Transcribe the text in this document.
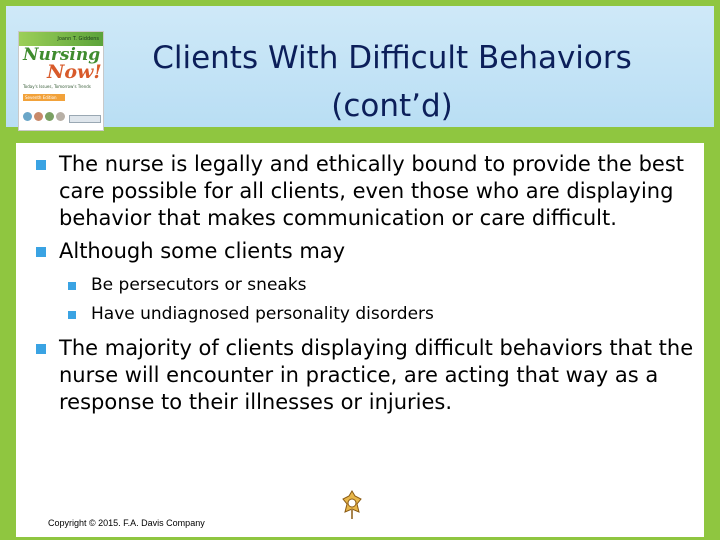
Joann T. Giddens
Nursing
Now!
Today's Issues, Tomorrow's Trends
Seventh Edition
Clients With Difficult Behaviors
(cont’d)
The nurse is legally and ethically bound to provide the best care possible for all clients, even those who are displaying behavior that makes communication or care difficult.
Although some clients may
Be persecutors or sneaks
Have undiagnosed personality disorders
The majority of clients displaying difficult behaviors that the nurse will encounter in practice, are acting that way as a response to their illnesses or injuries.
Copyright © 2015. F.A. Davis Company
